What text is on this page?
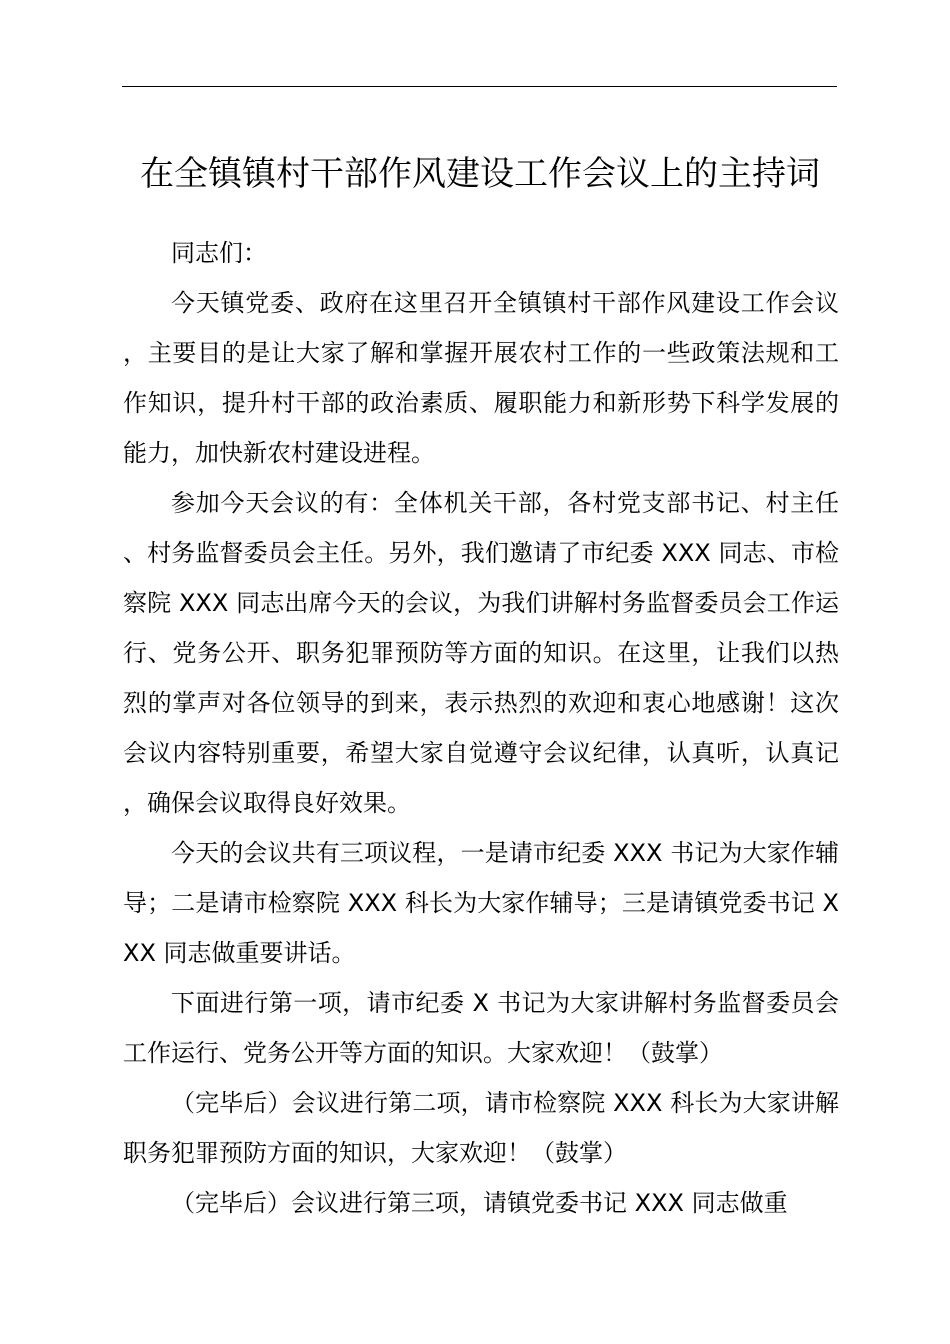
在全镇镇村干部作风建设工作会议上的主持词

同志们：

今天镇党委、政府在这里召开全镇镇村干部作风建设工作会议，主要目的是让大家了解和掌握开展农村工作的一些政策法规和工作知识，提升村干部的政治素质、履职能力和新形势下科学发展的能力，加快新农村建设进程。

参加今天会议的有：全体机关干部，各村党支部书记、村主任、村务监督委员会主任。另外，我们邀请了市纪委 XXX 同志、市检察院 XXX 同志出席今天的会议，为我们讲解村务监督委员会工作运行、党务公开、职务犯罪预防等方面的知识。在这里，让我们以热烈的掌声对各位领导的到来，表示热烈的欢迎和衷心地感谢！这次会议内容特别重要，希望大家自觉遵守会议纪律，认真听，认真记，确保会议取得良好效果。

今天的会议共有三项议程，一是请市纪委 XXX 书记为大家作辅导；二是请市检察院 XXX 科长为大家作辅导；三是请镇党委书记 XXX 同志做重要讲话。

下面进行第一项，请市纪委 X 书记为大家讲解村务监督委员会工作运行、党务公开等方面的知识。大家欢迎！（鼓掌）

（完毕后）会议进行第二项，请市检察院 XXX 科长为大家讲解职务犯罪预防方面的知识，大家欢迎！（鼓掌）

（完毕后）会议进行第三项，请镇党委书记 XXX 同志做重
